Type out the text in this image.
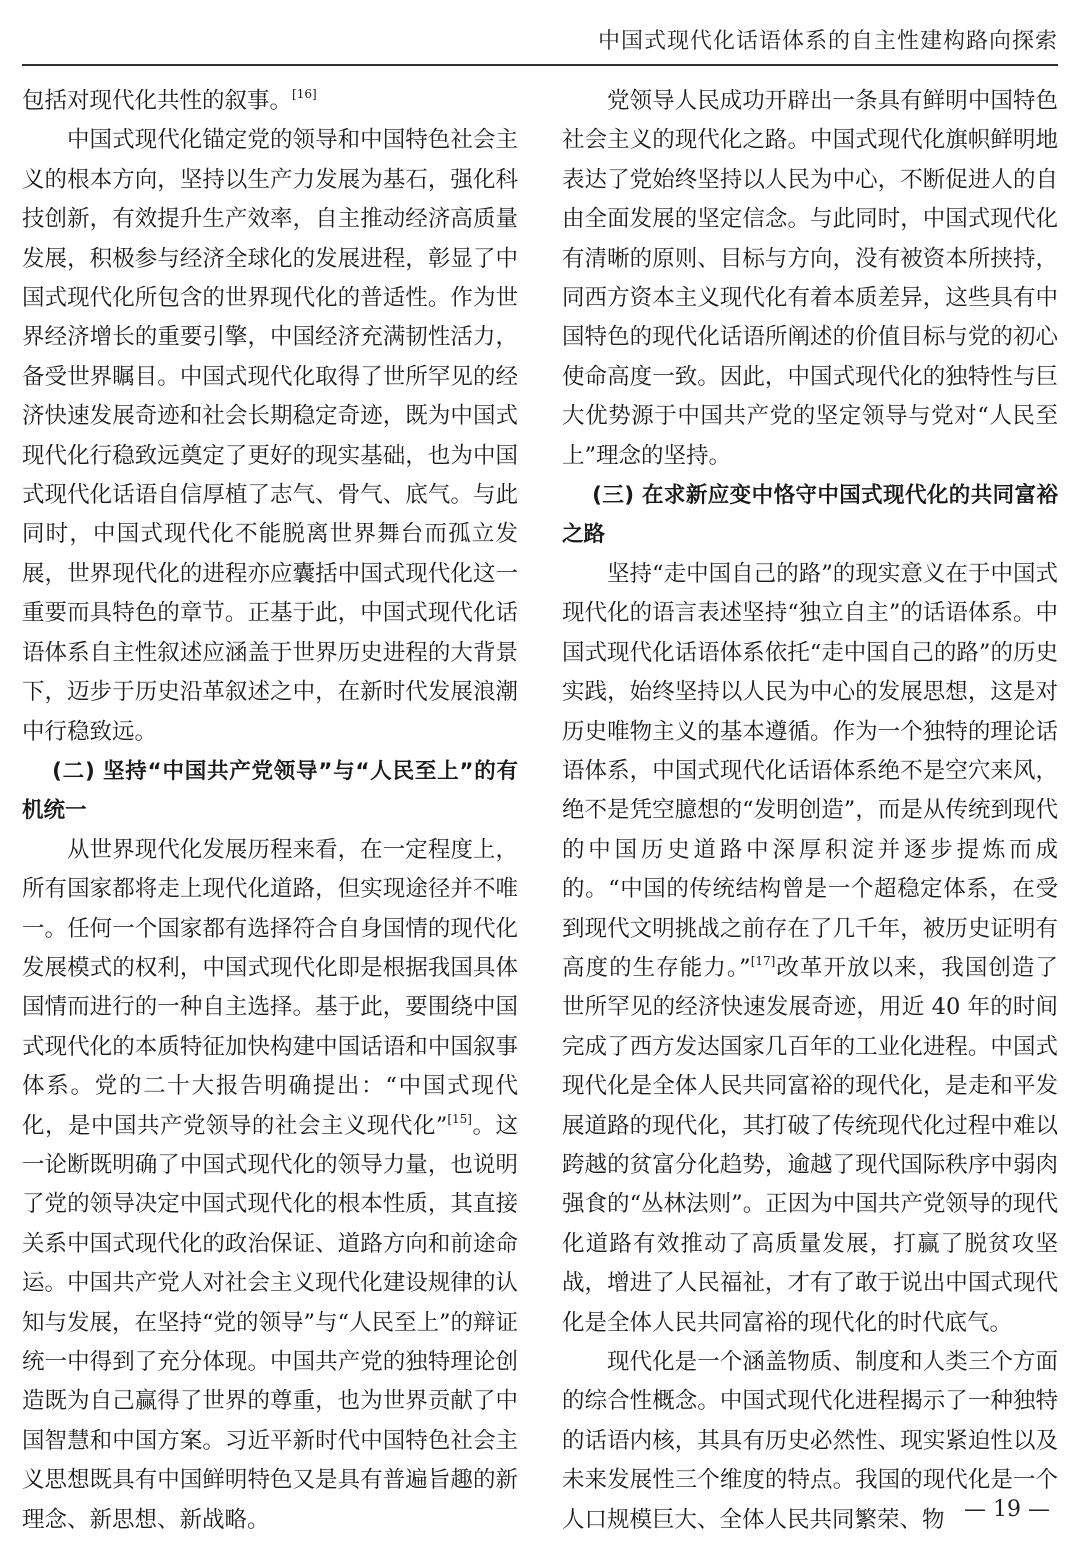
中国式现代化话语体系的自主性建构路向探索

包括对现代化共性的叙事。[16]

中国式现代化锚定党的领导和中国特色社会主义的根本方向，坚持以生产力发展为基石，强化科技创新，有效提升生产效率，自主推动经济高质量发展，积极参与经济全球化的发展进程，彰显了中国式现代化所包含的世界现代化的普适性。作为世界经济增长的重要引擎，中国经济充满韧性活力，备受世界瞩目。中国式现代化取得了世所罕见的经济快速发展奇迹和社会长期稳定奇迹，既为中国式现代化行稳致远奠定了更好的现实基础，也为中国式现代化话语自信厚植了志气、骨气、底气。与此同时，中国式现代化不能脱离世界舞台而孤立发展，世界现代化的进程亦应囊括中国式现代化这一重要而具特色的章节。正基于此，中国式现代化话语体系自主性叙述应涵盖于世界历史进程的大背景下，迈步于历史沿革叙述之中，在新时代发展浪潮中行稳致远。

(二) 坚持“中国共产党领导”与“人民至上”的有机统一

从世界现代化发展历程来看，在一定程度上，所有国家都将走上现代化道路，但实现途径并不唯一。任何一个国家都有选择符合自身国情的现代化发展模式的权利，中国式现代化即是根据我国具体国情而进行的一种自主选择。基于此，要围绕中国式现代化的本质特征加快构建中国话语和中国叙事体系。党的二十大报告明确提出：“中国式现代化，是中国共产党领导的社会主义现代化”[15]。这一论断既明确了中国式现代化的领导力量，也说明了党的领导决定中国式现代化的根本性质，其直接关系中国式现代化的政治保证、道路方向和前途命运。中国共产党人对社会主义现代化建设规律的认知与发展，在坚持“党的领导”与“人民至上”的辩证统一中得到了充分体现。中国共产党的独特理论创造既为自己赢得了世界的尊重，也为世界贡献了中国智慧和中国方案。习近平新时代中国特色社会主义思想既具有中国鲜明特色又是具有普遍旨趣的新理念、新思想、新战略。

党领导人民成功开辟出一条具有鲜明中国特色社会主义的现代化之路。中国式现代化旗帜鲜明地表达了党始终坚持以人民为中心，不断促进人的自由全面发展的坚定信念。与此同时，中国式现代化有清晰的原则、目标与方向，没有被资本所挟持，同西方资本主义现代化有着本质差异，这些具有中国特色的现代化话语所阐述的价值目标与党的初心使命高度一致。因此，中国式现代化的独特性与巨大优势源于中国共产党的坚定领导与党对“人民至上”理念的坚持。

(三) 在求新应变中恪守中国式现代化的共同富裕之路

坚持“走中国自己的路”的现实意义在于中国式现代化的语言表述坚持“独立自主”的话语体系。中国式现代化话语体系依托“走中国自己的路”的历史实践，始终坚持以人民为中心的发展思想，这是对历史唯物主义的基本遵循。作为一个独特的理论话语体系，中国式现代化话语体系绝不是空穴来风，绝不是凭空臆想的“发明创造”，而是从传统到现代的中国历史道路中深厚积淀并逐步提炼而成的。“中国的传统结构曾是一个超稳定体系，在受到现代文明挑战之前存在了几千年，被历史证明有高度的生存能力。”[17]改革开放以来，我国创造了世所罕见的经济快速发展奇迹，用近 40 年的时间完成了西方发达国家几百年的工业化进程。中国式现代化是全体人民共同富裕的现代化，是走和平发展道路的现代化，其打破了传统现代化过程中难以跨越的贫富分化趋势，逾越了现代国际秩序中弱肉强食的“丛林法则”。正因为中国共产党领导的现代化道路有效推动了高质量发展，打赢了脱贫攻坚战，增进了人民福祉，才有了敢于说出中国式现代化是全体人民共同富裕的现代化的时代底气。

现代化是一个涵盖物质、制度和人类三个方面的综合性概念。中国式现代化进程揭示了一种独特的话语内核，其具有历史必然性、现实紧迫性以及未来发展性三个维度的特点。我国的现代化是一个人口规模巨大、全体人民共同繁荣、物 — 19 —
